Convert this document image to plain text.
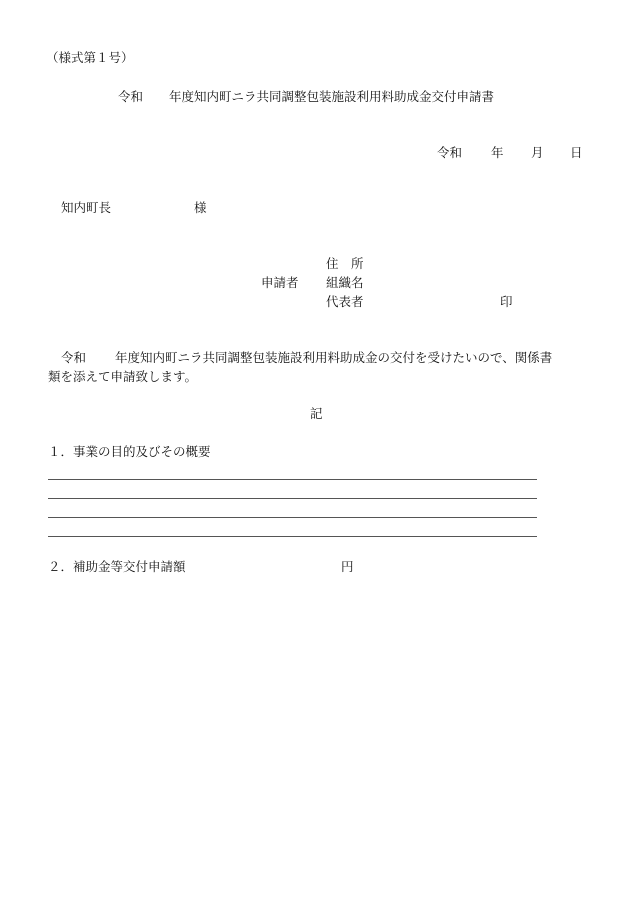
（様式第１号）
令和 年度知内町ニラ共同調整包装施設利用料助成金交付申請書
令和 年 月 日
知内町長	様
住　所
申請者 組織名
代表者	印
令和 年度知内町ニラ共同調整包装施設利用料助成金の交付を受けたいので、関係書
類を添えて申請致します。
記
１．事業の目的及びその概要
２．補助金等交付申請額	円
